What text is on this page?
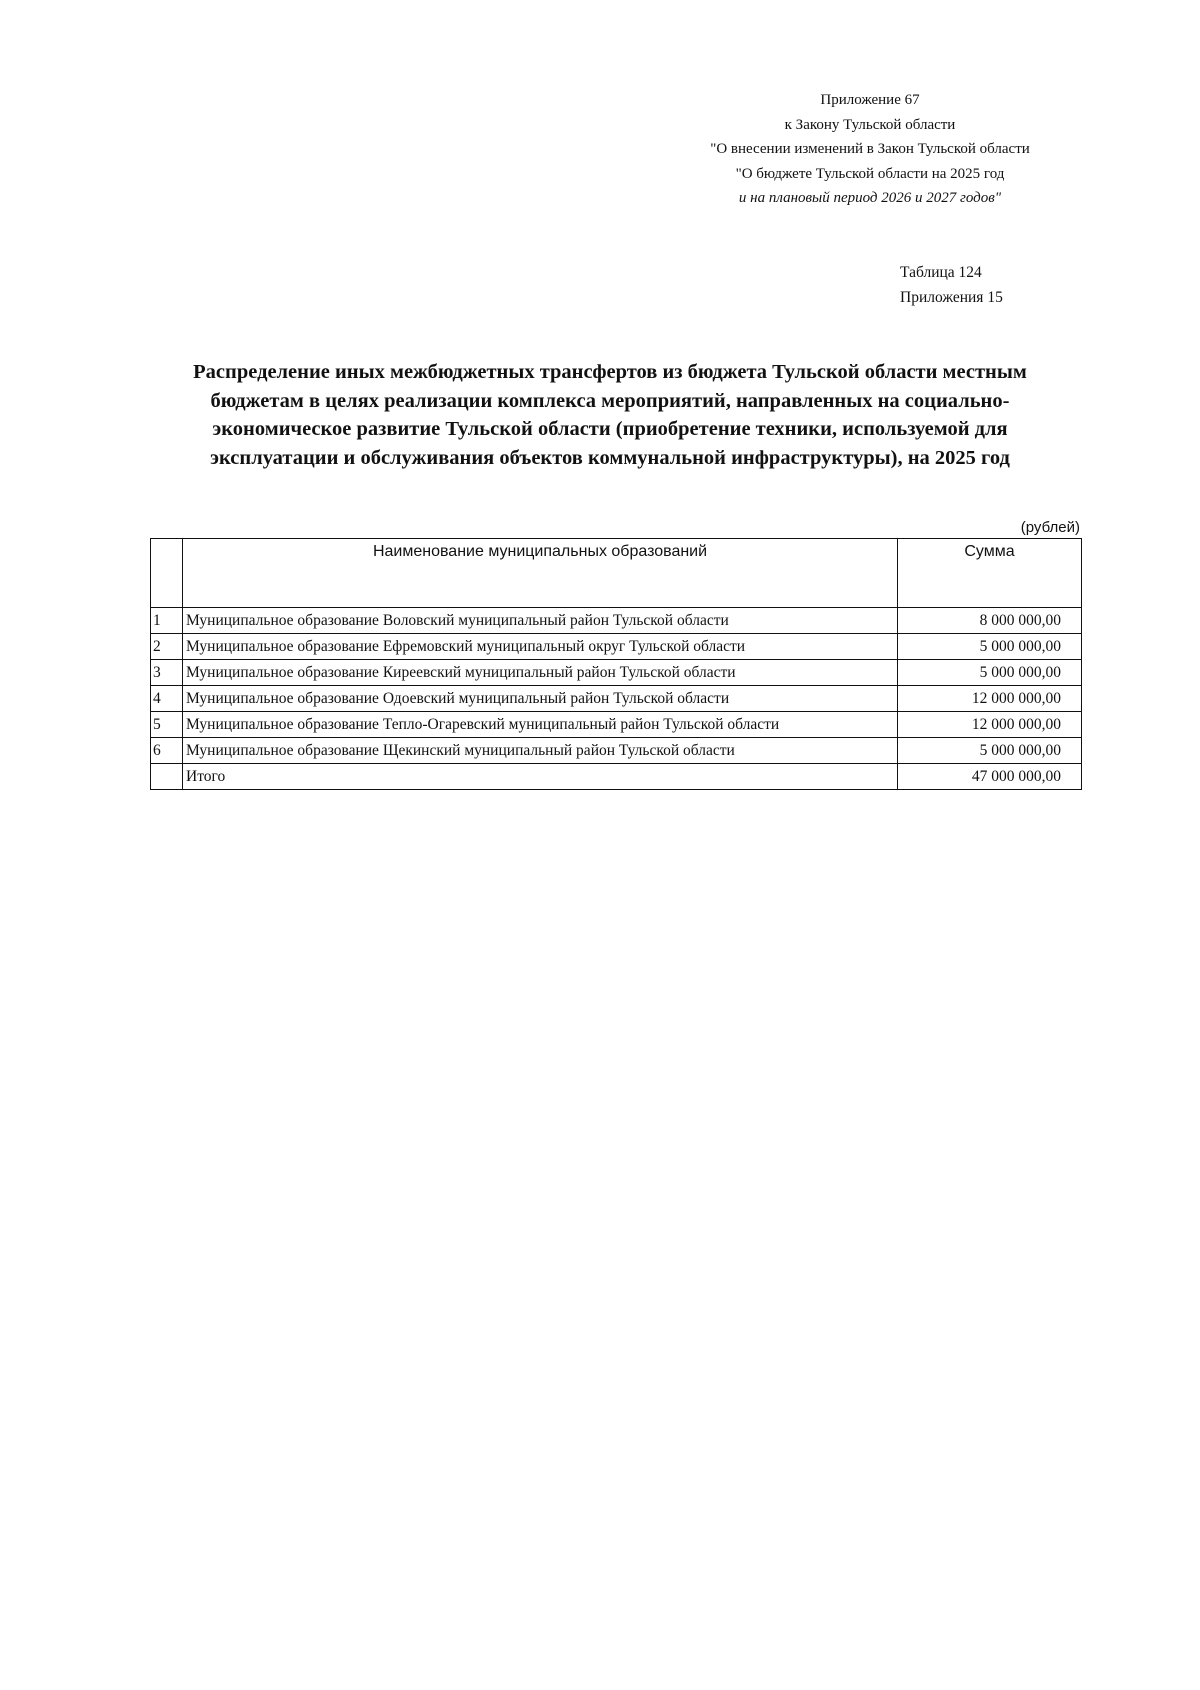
Приложение 67
к Закону Тульской области
"О внесении изменений в Закон Тульской области
"О бюджете Тульской области на 2025 год
и на плановый период 2026 и 2027 годов"
Таблица 124
Приложения 15
Распределение иных межбюджетных трансфертов из бюджета Тульской области местным
бюджетам в целях реализации комплекса мероприятий, направленных на социально-
экономическое развитие Тульской области (приобретение техники, используемой для
эксплуатации и обслуживания объектов коммунальной инфраструктуры), на 2025 год
(рублей)
	Наименование муниципальных образований	Сумма
1	Муниципальное образование Воловский муниципальный район Тульской области	8 000 000,00
2	Муниципальное образование Ефремовский муниципальный округ Тульской области	5 000 000,00
3	Муниципальное образование Киреевский муниципальный район Тульской области	5 000 000,00
4	Муниципальное образование Одоевский муниципальный район Тульской области	12 000 000,00
5	Муниципальное образование Тепло-Огаревский муниципальный район Тульской области	12 000 000,00
6	Муниципальное образование Щекинский муниципальный район Тульской области	5 000 000,00
	Итого	47 000 000,00
